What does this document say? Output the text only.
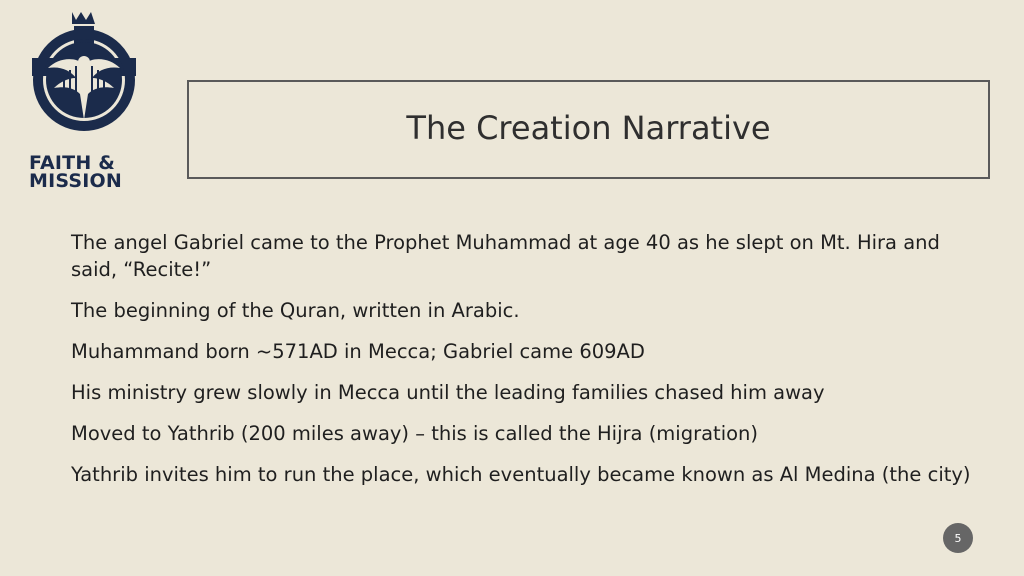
FAITH &
MISSION
The Creation Narrative
The angel Gabriel came to the Prophet Muhammad at age 40 as he slept on Mt. Hira and said, “Recite!”
The beginning of the Quran, written in Arabic.
Muhammand born ~571AD in Mecca; Gabriel came 609AD
His ministry grew slowly in Mecca until the leading families chased him away
Moved to Yathrib (200 miles away) – this is called the Hijra (migration)
Yathrib invites him to run the place, which eventually became known as Al Medina (the city)
5
